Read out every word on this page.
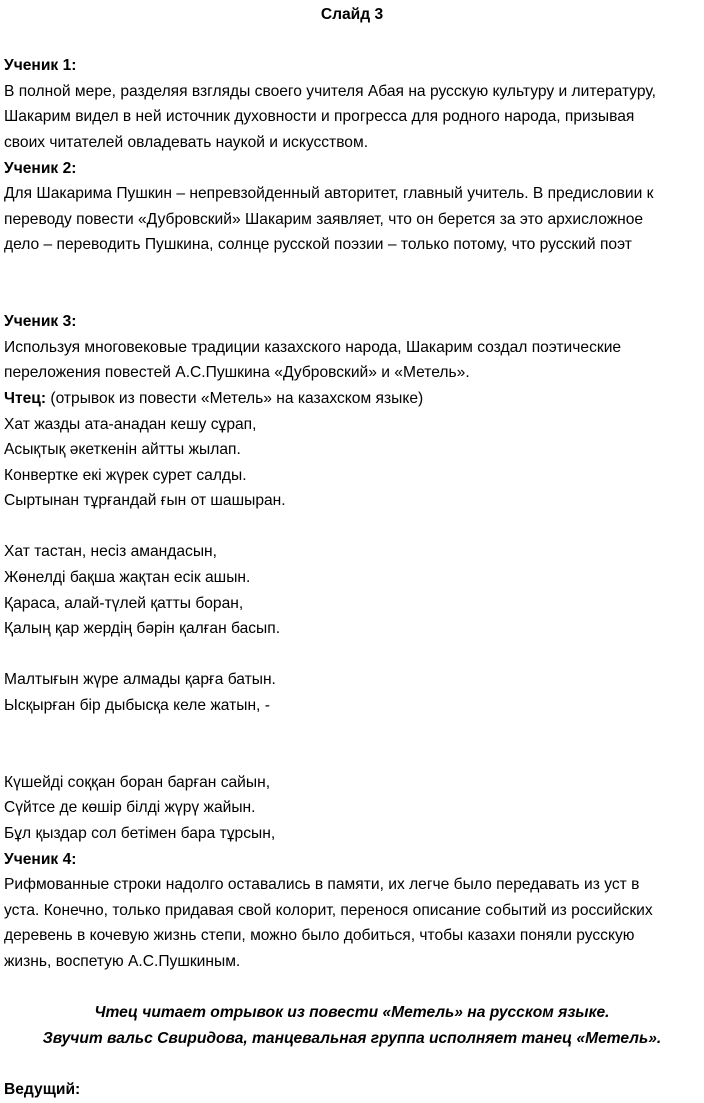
Слайд 3

Ученик 1:

В полной мере, разделяя взгляды своего учителя Абая на русскую культуру и литературу,
Шакарим видел в ней источник духовности и прогресса для родного народа, призывая
своих читателей овладевать наукой и искусством.

Ученик 2:

Для Шакарима Пушкин – непревзойденный авторитет, главный учитель. В предисловии к
переводу повести «Дубровский» Шакарим заявляет, что он берется за это архисложное
дело – переводить Пушкина, солнце русской поэзии – только потому, что русский поэт

Ученик 3:

Используя многовековые традиции казахского народа, Шакарим создал поэтические
переложения повестей А.С.Пушкина «Дубровский» и «Метель».

Чтец: (отрывок из повести «Метель» на казахском языке)

Хат жазды ата-анадан кешу сұрап,
Асықтық әкеткенін айтты жылап.
Конвертке екі жүрек сурет салды.
Сыртынан тұрғандай ғын от шашыран.
Хат тастан, несіз амандасын,
Жөнелді бақша жақтан есік ашын.
Қараса, алай-түлей қатты боран,
Қалың қар жердің бәрін қалған басып.
Малтығын жүре алмады қарға батын.
Ысқырған бір дыбысқа келе жатын, -
Күшейді соққан боран барған сайын,
Сүйтсе де көшір білді жүрү жайын.
Бұл қыздар сол бетімен бара тұрсын,

Ученик 4:

Рифмованные строки надолго оставались в памяти, их легче было передавать из уст в
уста. Конечно, только придавая свой колорит, перенося описание событий из российских
деревень в кочевую жизнь степи, можно было добиться, чтобы казахи поняли русскую
жизнь, воспетую А.С.Пушкиным.

Чтец читает отрывок из повести «Метель» на русском языке.

Звучит вальс Свиридова, танцевальная группа исполняет танец «Метель».

Ведущий:
